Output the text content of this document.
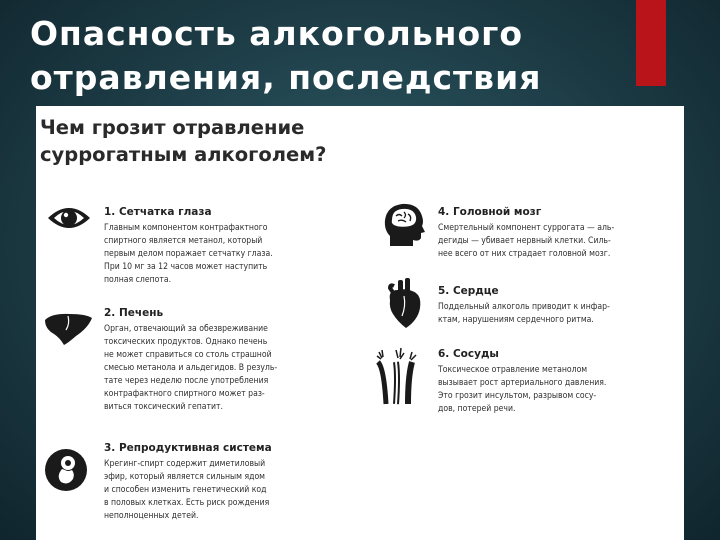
Опасность алкогольного
отравления, последствия
Чем грозит отравление
суррогатным алкоголем?
1. Сетчатка глаза
Главным компонентом контрафактного
спиртного является метанол, который
первым делом поражает сетчатку глаза.
При 10 мг за 12 часов может наступить
полная слепота.
2. Печень
Орган, отвечающий за обезвреживание
токсических продуктов. Однако печень
не может справиться со столь страшной
смесью метанола и альдегидов. В резуль-
тате через неделю после употребления
контрафактного спиртного может раз-
виться токсический гепатит.
3. Репродуктивная система
Крегинг-спирт содержит диметиловый
эфир, который является сильным ядом
и способен изменить генетический код
в половых клетках. Есть риск рождения
неполноценных детей.
4. Головной мозг
Смертельный компонент суррогата — аль-
дегиды — убивает нервный клетки. Силь-
нее всего от них страдает головной мозг.
5. Сердце
Поддельный алкоголь приводит к инфар-
ктам, нарушениям сердечного ритма.
6. Сосуды
Токсическое отравление метанолом
вызывает рост артериального давления.
Это грозит инсультом, разрывом сосу-
дов, потерей речи.
